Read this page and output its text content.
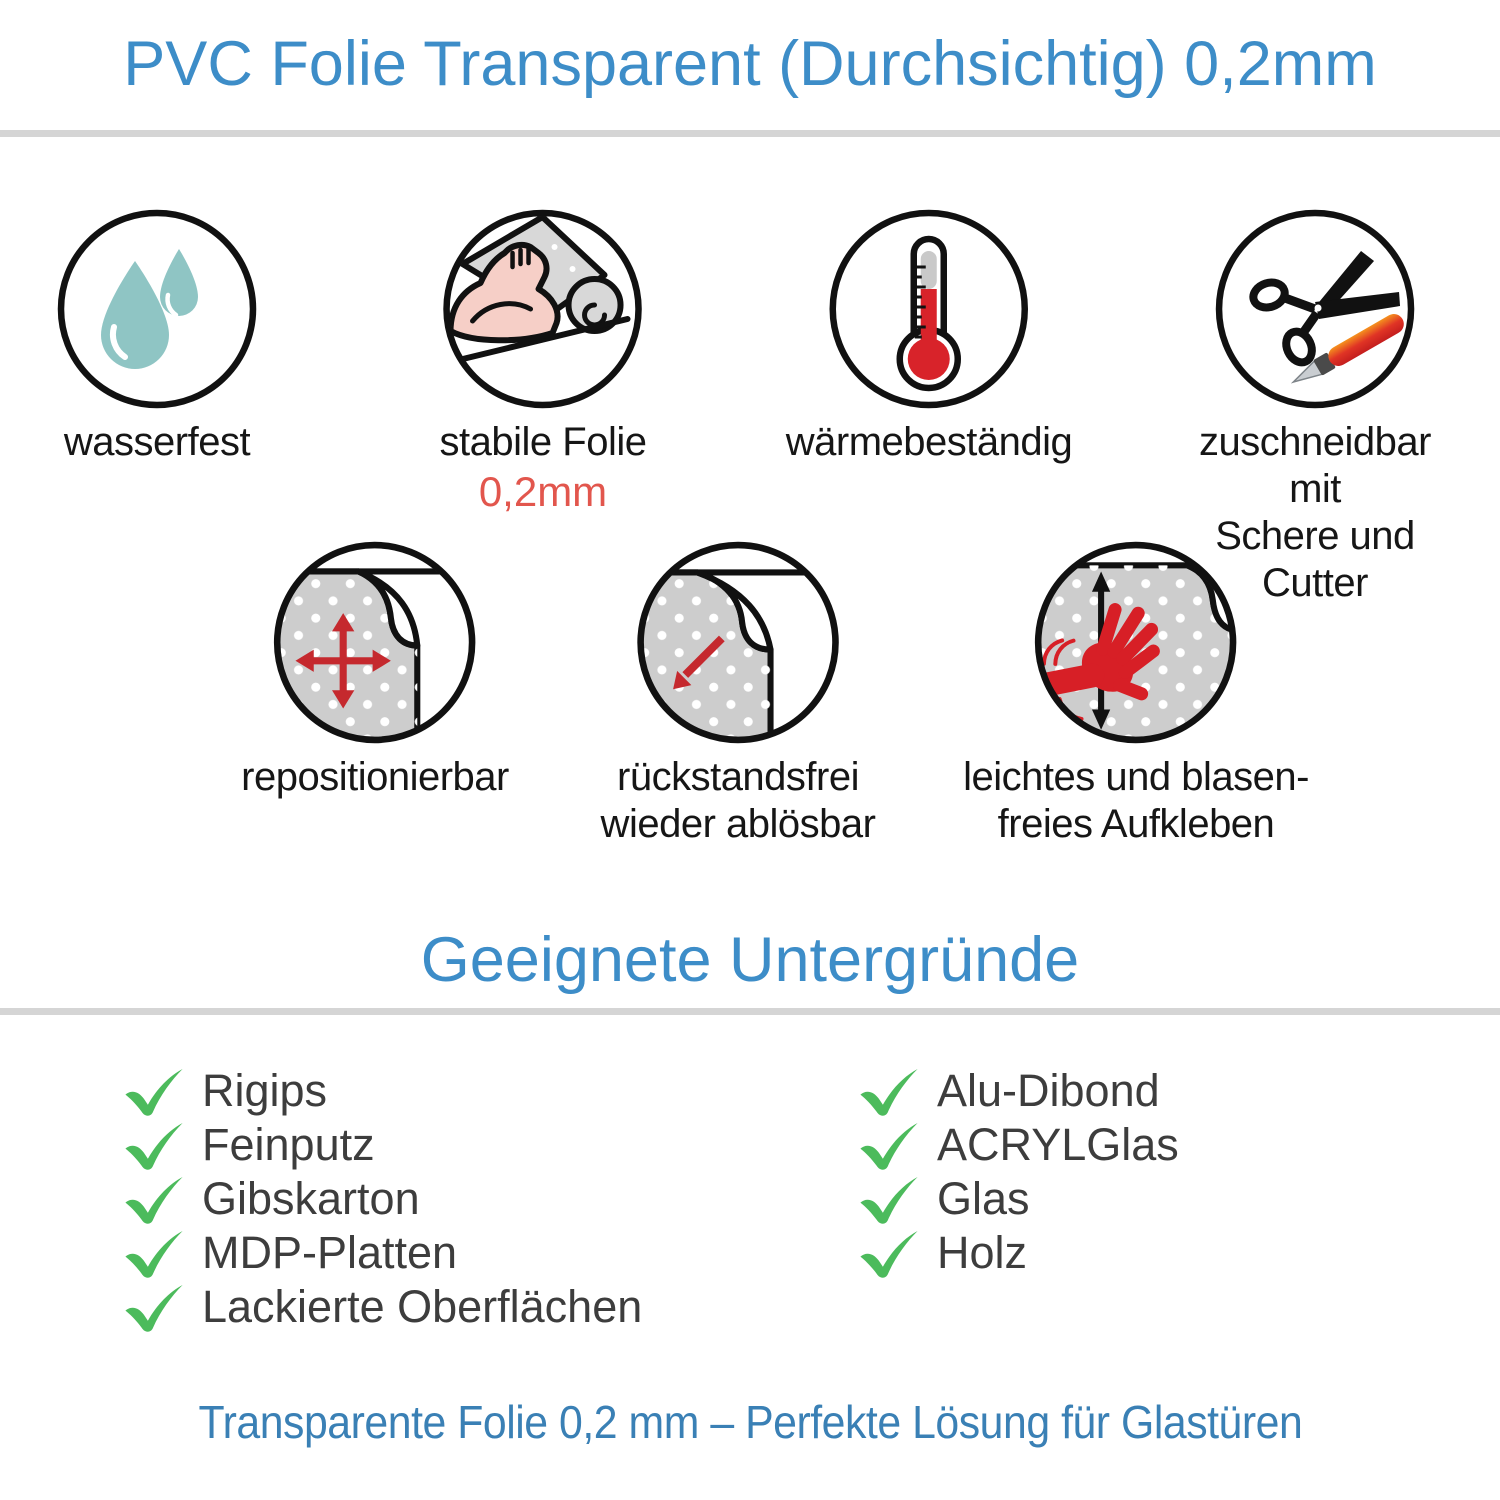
PVC Folie Transparent (Durchsichtig) 0,2mm
wasserfest	stabile Folie
0,2mm
wärmebeständig	zuschneidbar mit
Schere und Cutter
repositionierbar	rückstandsfrei
wieder ablösbar
leichtes und blasen-
freies Aufkleben
Geeignete Untergründe
Rigips
Feinputz
Gibskarton
MDP-Platten
Lackierte Oberflächen
Alu-Dibond
ACRYLGlas
Glas
Holz
Transparente Folie 0,2 mm – Perfekte Lösung für Glastüren
